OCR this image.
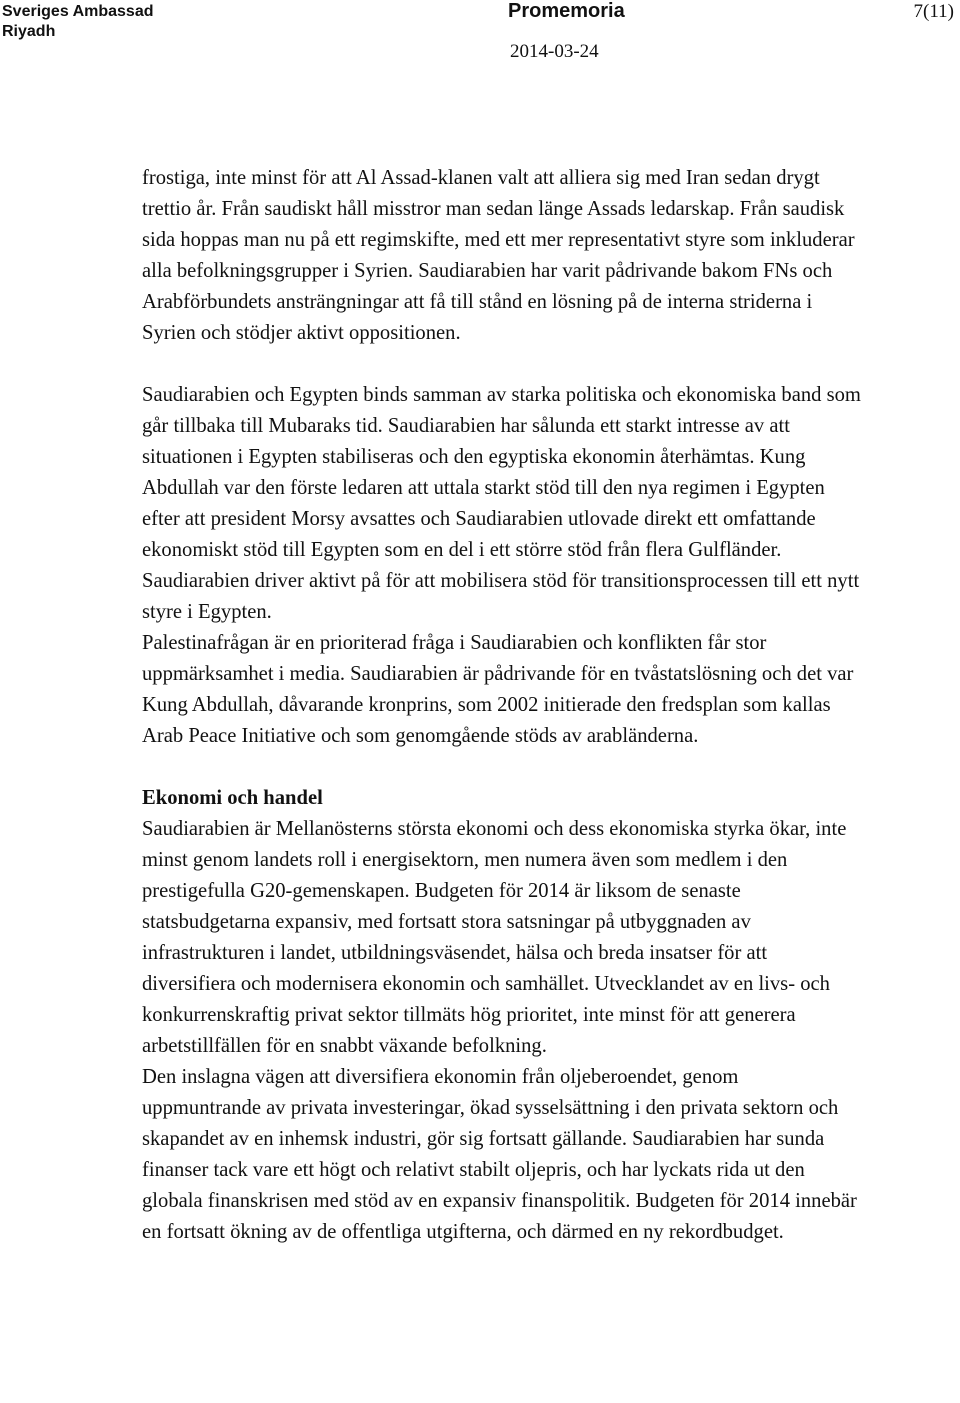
Sveriges Ambassad
Riyadh
Promemoria
2014-03-24
7(11)

frostiga, inte minst för att Al Assad-klanen valt att alliera sig med Iran sedan drygt trettio år. Från saudiskt håll misstror man sedan länge Assads ledarskap. Från saudisk sida hoppas man nu på ett regimskifte, med ett mer representativt styre som inkluderar alla befolkningsgrupper i Syrien. Saudiarabien har varit pådrivande bakom FNs och Arabförbundets ansträngningar att få till stånd en lösning på de interna striderna i Syrien och stödjer aktivt oppositionen.

Saudiarabien och Egypten binds samman av starka politiska och ekonomiska band som går tillbaka till Mubaraks tid. Saudiarabien har sålunda ett starkt intresse av att situationen i Egypten stabiliseras och den egyptiska ekonomin återhämtas. Kung Abdullah var den förste ledaren att uttala starkt stöd till den nya regimen i Egypten efter att president Morsy avsattes och Saudiarabien utlovade direkt ett omfattande ekonomiskt stöd till Egypten som en del i ett större stöd från flera Gulfländer. Saudiarabien driver aktivt på för att mobilisera stöd för transitionsprocessen till ett nytt styre i Egypten.

Palestinafrågan är en prioriterad fråga i Saudiarabien och konflikten får stor uppmärksamhet i media. Saudiarabien är pådrivande för en tvåstatslösning och det var Kung Abdullah, dåvarande kronprins, som 2002 initierade den fredsplan som kallas Arab Peace Initiative och som genomgående stöds av arabländerna.

Ekonomi och handel

Saudiarabien är Mellanösterns största ekonomi och dess ekonomiska styrka ökar, inte minst genom landets roll i energisektorn, men numera även som medlem i den prestigefulla G20-gemenskapen. Budgeten för 2014 är liksom de senaste statsbudgetarna expansiv, med fortsatt stora satsningar på utbyggnaden av infrastrukturen i landet, utbildningsväsendet, hälsa och breda insatser för att diversifiera och modernisera ekonomin och samhället. Utvecklandet av en livs- och konkurrenskraftig privat sektor tillmäts hög prioritet, inte minst för att generera arbetstillfällen för en snabbt växande befolkning.

Den inslagna vägen att diversifiera ekonomin från oljeberoendet, genom uppmuntrande av privata investeringar, ökad sysselsättning i den privata sektorn och skapandet av en inhemsk industri, gör sig fortsatt gällande. Saudiarabien har sunda finanser tack vare ett högt och relativt stabilt oljepris, och har lyckats rida ut den globala finanskrisen med stöd av en expansiv finanspolitik. Budgeten för 2014 innebär en fortsatt ökning av de offentliga utgifterna, och därmed en ny rekordbudget.
